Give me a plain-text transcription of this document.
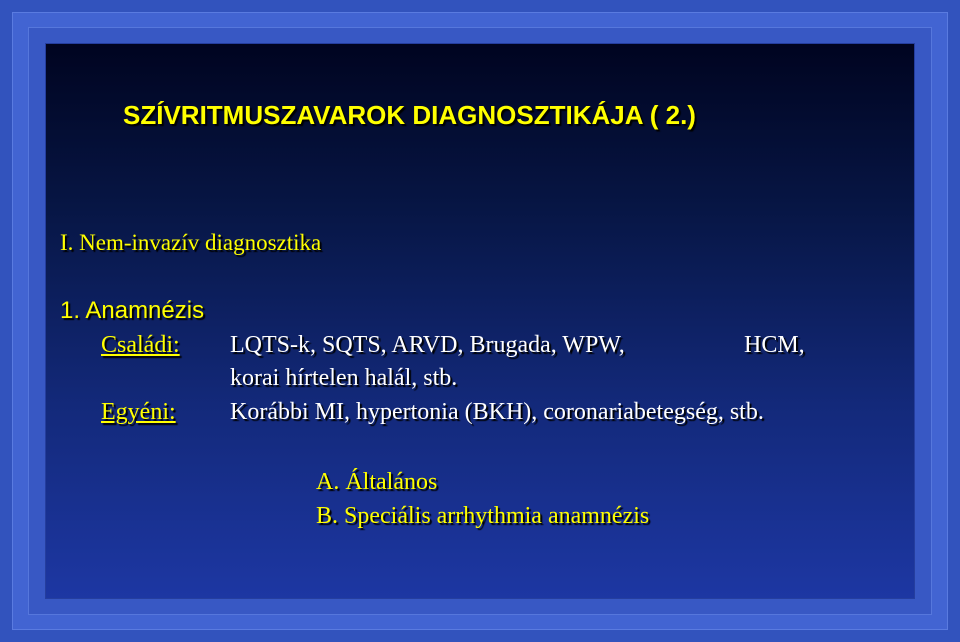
SZÍVRITMUSZAVAROK DIAGNOSZTIKÁJA ( 2.)
I. Nem-invazív diagnosztika
1. Anamnézis
Családi: LQTS-k, SQTS, ARVD, Brugada, WPW,	HCM,
korai hírtelen halál, stb.
Egyéni: Korábbi MI, hypertonia (BKH), coronariabetegség, stb.
A. Általános
B. Speciális arrhythmia anamnézis
